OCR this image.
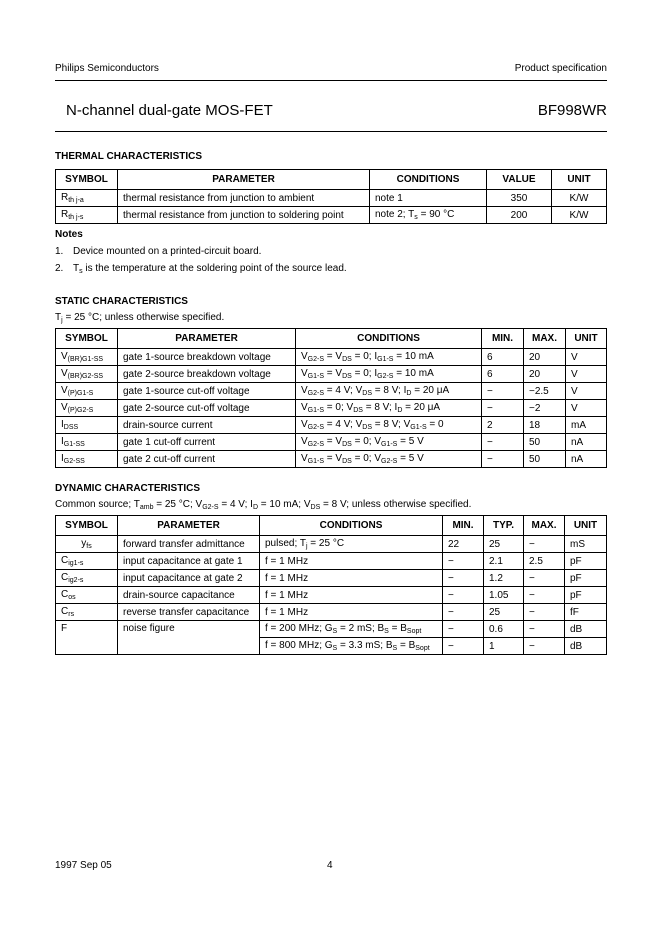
Philips Semiconductors	Product specification
N-channel dual-gate MOS-FET	BF998WR
THERMAL CHARACTERISTICS
SYMBOL	PARAMETER	CONDITIONS	VALUE	UNIT
$R_{th j-a}$	thermal resistance from junction to ambient	note 1	350	K/W
$R_{th j-s}$	thermal resistance from junction to soldering point	note 2; $T_s = 90$ °C	200	K/W
Notes
1. Device mounted on a printed-circuit board.
2. $T_s$ is the temperature at the soldering point of the source lead.
STATIC CHARACTERISTICS
$T_j = 25$ °C; unless otherwise specified.
SYMBOL	PARAMETER	CONDITIONS	MIN.	MAX.	UNIT
$V_{(BR)G1-SS}$	gate 1-source breakdown voltage	$V_{G2-S} = V_{DS} = 0$; $I_{G1-S} = 10$ mA	6	20	V
$V_{(BR)G2-SS}$	gate 2-source breakdown voltage	$V_{G1-S} = V_{DS} = 0$; $I_{G2-S} = 10$ mA	6	20	V
$V_{(P)G1-S}$	gate 1-source cut-off voltage	$V_{G2-S} = 4$ V; $V_{DS} = 8$ V; $I_D = 20$ μA	−	−2.5	V
$V_{(P)G2-S}$	gate 2-source cut-off voltage	$V_{G1-S} = 0$; $V_{DS} = 8$ V; $I_D = 20$ μA	−	−2	V
$I_{DSS}$	drain-source current	$V_{G2-S} = 4$ V; $V_{DS} = 8$ V; $V_{G1-S} = 0$	2	18	mA
$I_{G1-SS}$	gate 1 cut-off current	$V_{G2-S} = V_{DS} = 0$; $V_{G1-S} = 5$ V	−	50	nA
$I_{G2-SS}$	gate 2 cut-off current	$V_{G1-S} = V_{DS} = 0$; $V_{G2-S} = 5$ V	−	50	nA
DYNAMIC CHARACTERISTICS
Common source; $T_{amb} = 25$ °C; $V_{G2-S} = 4$ V; $I_D = 10$ mA; $V_{DS} = 8$ V; unless otherwise specified.
SYMBOL	PARAMETER	CONDITIONS	MIN.	TYP.	MAX.	UNIT
$y_{fs}$	forward transfer admittance	pulsed; $T_j = 25$ °C	22	25	−	mS
$C_{ig1-s}$	input capacitance at gate 1	f = 1 MHz	−	2.1	2.5	pF
$C_{ig2-s}$	input capacitance at gate 2	f = 1 MHz	−	1.2	−	pF
$C_{os}$	drain-source capacitance	f = 1 MHz	−	1.05	−	pF
$C_{rs}$	reverse transfer capacitance	f = 1 MHz	−	25	−	fF
F	noise figure	f = 200 MHz; $G_S = 2$ mS; $B_S = B_{Sopt}$	−	0.6	−	dB
		f = 800 MHz; $G_S = 3.3$ mS; $B_S = B_{Sopt}$	−	1	−	dB
1997 Sep 05	4
